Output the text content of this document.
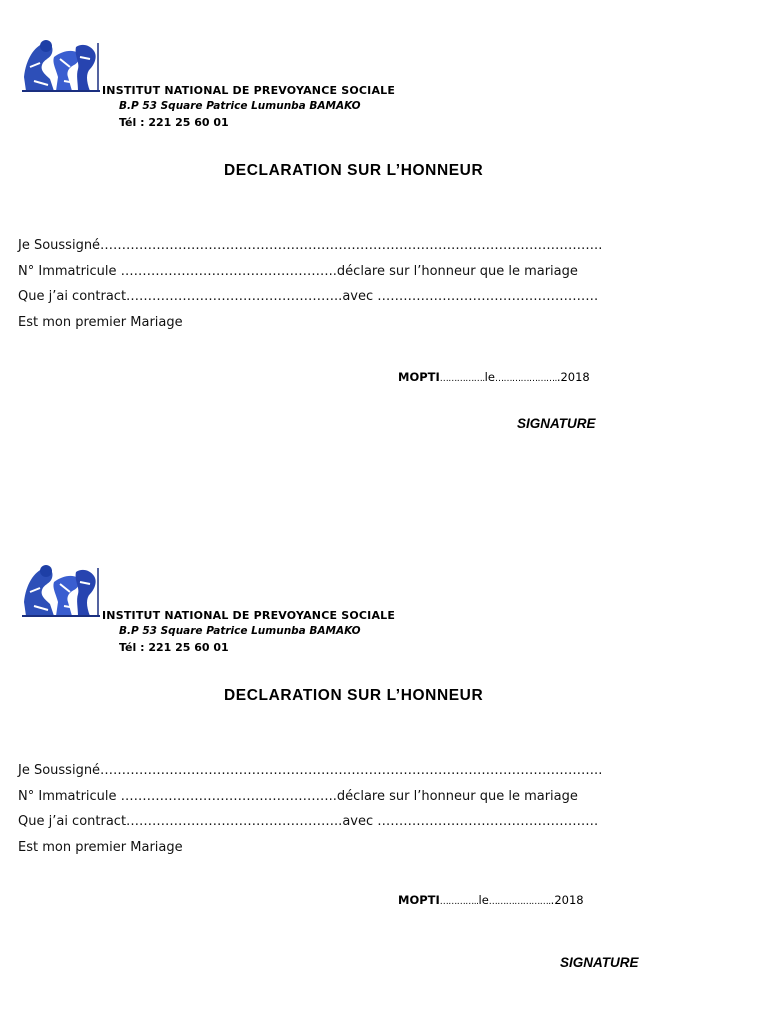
INSTITUT NATIONAL DE PREVOYANCE SOCIALE
B.P 53 Square Patrice Lumunba BAMAKO
Tél : 221 25 60 01
DECLARATION SUR L’HONNEUR
Je Soussigné……………………………………………………………………………………………………..
N° Immatricule …………………………………………..déclare sur l’honneur que le mariage
Que j’ai contract…………………………………………..avec ……………………………………………
Est mon premier Mariage
MOPTI…………….le…………………..2018
SIGNATURE
INSTITUT NATIONAL DE PREVOYANCE SOCIALE
B.P 53 Square Patrice Lumunba BAMAKO
Tél : 221 25 60 01
DECLARATION SUR L’HONNEUR
Je Soussigné……………………………………………………………………………………………………..
N° Immatricule …………………………………………..déclare sur l’honneur que le mariage
Que j’ai contract…………………………………………..avec ……………………………………………
Est mon premier Mariage
MOPTI…………..le…………………..2018
SIGNATURE
